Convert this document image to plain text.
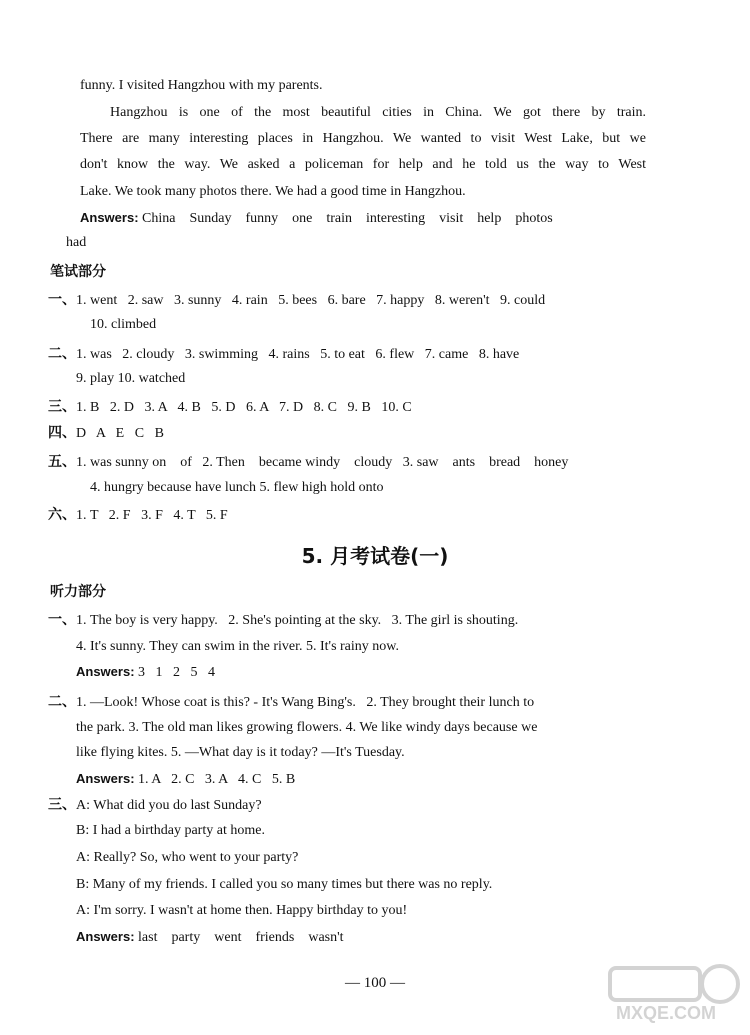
funny. I visited Hangzhou with my parents.
Hangzhou is one of the most beautiful cities in China. We got there by train.
There are many interesting places in Hangzhou. We wanted to visit West Lake, but we
don't know the way. We asked a policeman for help and he told us the way to West
Lake. We took many photos there. We had a good time in Hangzhou.
Answers: China    Sunday    funny    one    train    interesting    visit    help    photos
had
笔试部分
一、1. went   2. saw   3. sunny   4. rain   5. bees   6. bare   7. happy   8. weren't   9. could
10. climbed
二、1. was   2. cloudy   3. swimming   4. rains   5. to eat   6. flew   7. came   8. have
9. play 10. watched
三、1. B   2. D   3. A   4. B   5. D   6. A   7. D   8. C   9. B   10. C
四、D   A   E   C   B
五、1. was sunny on    of   2. Then    became windy    cloudy   3. saw    ants    bread    honey
4. hungry because have lunch 5. flew high hold onto
六、1. T   2. F   3. F   4. T   5. F
5. 月考试卷(一)
听力部分
一、1. The boy is very happy.   2. She's pointing at the sky.   3. The girl is shouting.
4. It's sunny. They can swim in the river. 5. It's rainy now.
Answers: 3   1   2   5   4
二、1. —Look! Whose coat is this? - It's Wang Bing's.   2. They brought their lunch to
the park. 3. The old man likes growing flowers. 4. We like windy days because we
like flying kites. 5. —What day is it today? —It's Tuesday.
Answers: 1. A   2. C   3. A   4. C   5. B
三、A: What did you do last Sunday?
B: I had a birthday party at home.
A: Really? So, who went to your party?
B: Many of my friends. I called you so many times but there was no reply.
A: I'm sorry. I wasn't at home then. Happy birthday to you!
Answers: last    party    went    friends    wasn't
— 100 —
MXQE.COM
